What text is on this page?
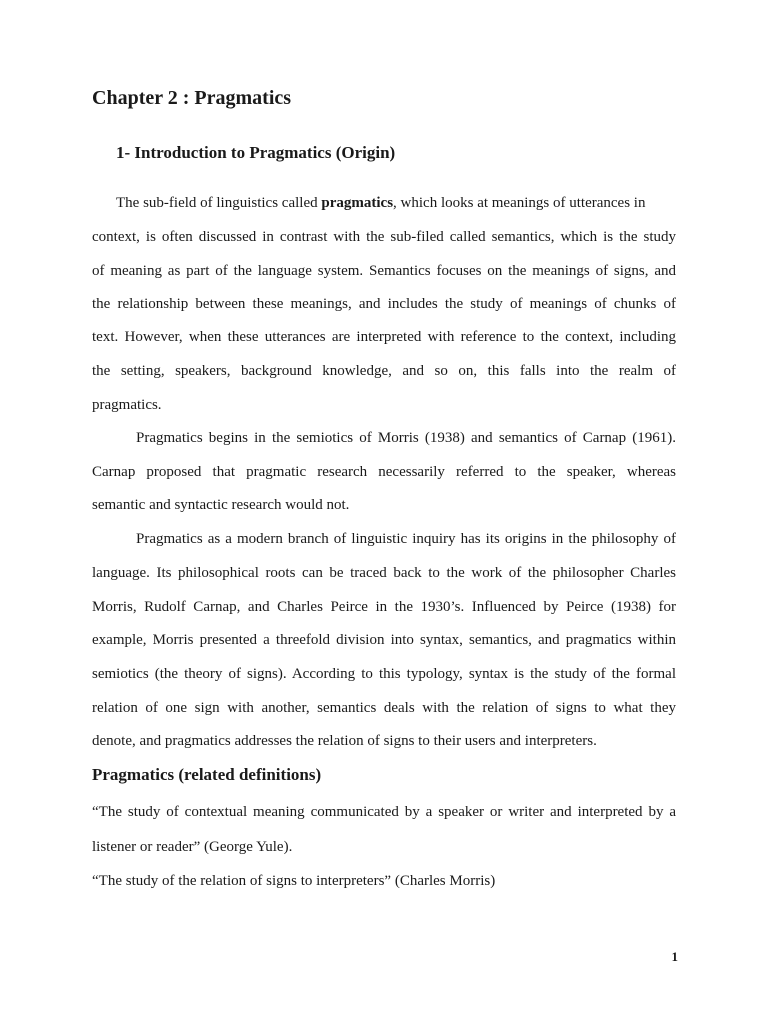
Chapter 2 : Pragmatics
1- Introduction to Pragmatics (Origin)
The sub-field of linguistics called pragmatics, which looks at meanings of utterances in
context, is often discussed in contrast with the sub-filed called semantics, which is the study
of meaning as part of the language system. Semantics focuses on the meanings of signs, and
the relationship between these meanings, and includes the study of meanings of chunks of
text. However, when these utterances are interpreted with reference to the context, including
the setting, speakers, background knowledge, and so on, this falls into the realm of
pragmatics.
Pragmatics begins in the semiotics of Morris (1938) and semantics of Carnap (1961).
Carnap proposed that pragmatic research necessarily referred to the speaker, whereas
semantic and syntactic research would not.
Pragmatics as a modern branch of linguistic inquiry has its origins in the philosophy of
language. Its philosophical roots can be traced back to the work of the philosopher Charles
Morris, Rudolf Carnap, and Charles Peirce in the 1930’s. Influenced by Peirce (1938) for
example, Morris presented a threefold division into syntax, semantics, and pragmatics within
semiotics (the theory of signs). According to this typology, syntax is the study of the formal
relation of one sign with another, semantics deals with the relation of signs to what they
denote, and pragmatics addresses the relation of signs to their users and interpreters.
Pragmatics (related definitions)
“The study of contextual meaning communicated by a speaker or writer and interpreted by a
listener or reader” (George Yule).
“The study of the relation of signs to interpreters” (Charles Morris)
1
